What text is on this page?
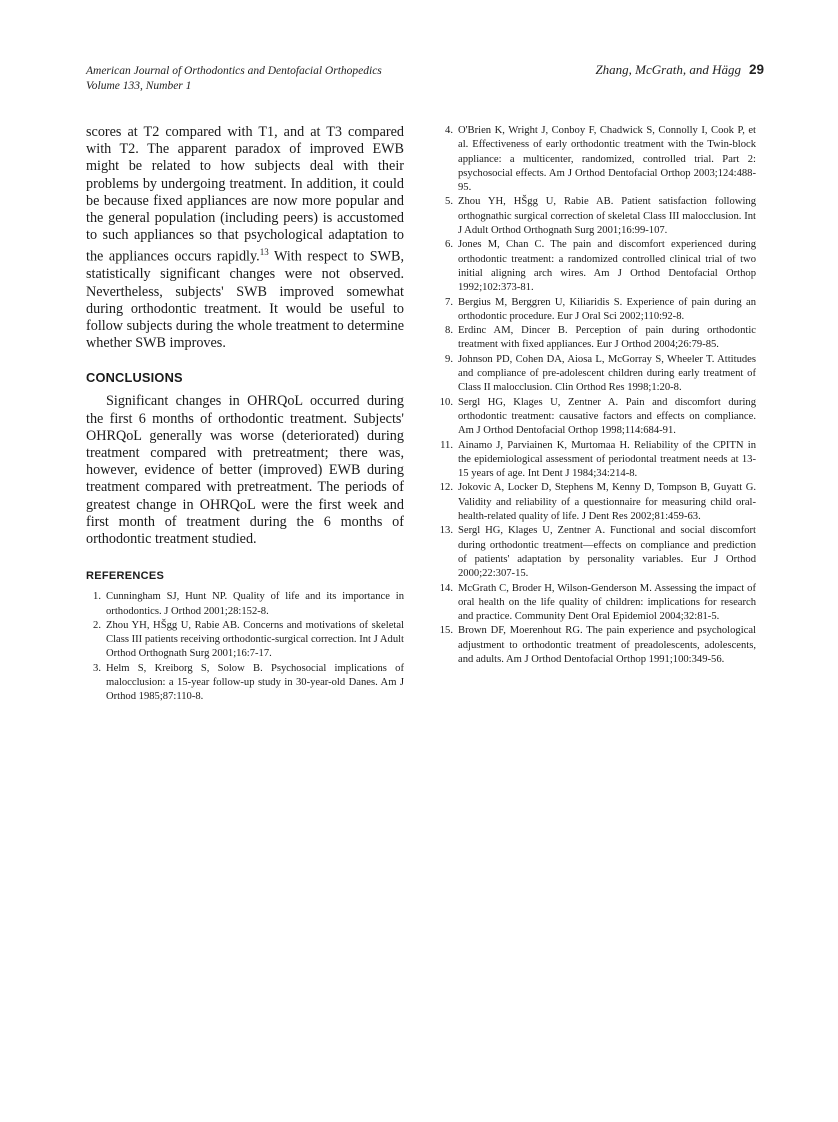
American Journal of Orthodontics and Dentofacial Orthopedics
Volume 133, Number 1
Zhang, McGrath, and Hägg 29

scores at T2 compared with T1, and at T3 compared with T2. The apparent paradox of improved EWB might be related to how subjects deal with their problems by undergoing treatment. In addition, it could be because fixed appliances are now more popular and the general population (including peers) is accustomed to such appliances so that psychological adaptation to the appliances occurs rapidly.$^{13}$ With respect to SWB, statistically significant changes were not observed. Nevertheless, subjects' SWB improved somewhat during orthodontic treatment. It would be useful to follow subjects during the whole treatment to determine whether SWB improves.

CONCLUSIONS

Significant changes in OHRQoL occurred during the first 6 months of orthodontic treatment. Subjects' OHRQoL generally was worse (deteriorated) during treatment compared with pretreatment; there was, however, evidence of better (improved) EWB during treatment compared with pretreatment. The periods of greatest change in OHRQoL were the first week and first month of treatment during the 6 months of orthodontic treatment studied.

REFERENCES
1. Cunningham SJ, Hunt NP. Quality of life and its importance in orthodontics. J Orthod 2001;28:152-8.
2. Zhou YH, HŠgg U, Rabie AB. Concerns and motivations of skeletal Class III patients receiving orthodontic-surgical correction. Int J Adult Orthod Orthognath Surg 2001;16:7-17.
3. Helm S, Kreiborg S, Solow B. Psychosocial implications of malocclusion: a 15-year follow-up study in 30-year-old Danes. Am J Orthod 1985;87:110-8.
4. O'Brien K, Wright J, Conboy F, Chadwick S, Connolly I, Cook P, et al. Effectiveness of early orthodontic treatment with the Twin-block appliance: a multicenter, randomized, controlled trial. Part 2: psychosocial effects. Am J Orthod Dentofacial Orthop 2003;124:488-95.
5. Zhou YH, HŠgg U, Rabie AB. Patient satisfaction following orthognathic surgical correction of skeletal Class III malocclusion. Int J Adult Orthod Orthognath Surg 2001;16:99-107.
6. Jones M, Chan C. The pain and discomfort experienced during orthodontic treatment: a randomized controlled clinical trial of two initial aligning arch wires. Am J Orthod Dentofacial Orthop 1992;102:373-81.
7. Bergius M, Berggren U, Kiliaridis S. Experience of pain during an orthodontic procedure. Eur J Oral Sci 2002;110:92-8.
8. Erdinc AM, Dincer B. Perception of pain during orthodontic treatment with fixed appliances. Eur J Orthod 2004;26:79-85.
9. Johnson PD, Cohen DA, Aiosa L, McGorray S, Wheeler T. Attitudes and compliance of pre-adolescent children during early treatment of Class II malocclusion. Clin Orthod Res 1998;1:20-8.
10. Sergl HG, Klages U, Zentner A. Pain and discomfort during orthodontic treatment: causative factors and effects on compliance. Am J Orthod Dentofacial Orthop 1998;114:684-91.
11. Ainamo J, Parviainen K, Murtomaa H. Reliability of the CPITN in the epidemiological assessment of periodontal treatment needs at 13-15 years of age. Int Dent J 1984;34:214-8.
12. Jokovic A, Locker D, Stephens M, Kenny D, Tompson B, Guyatt G. Validity and reliability of a questionnaire for measuring child oral-health-related quality of life. J Dent Res 2002;81:459-63.
13. Sergl HG, Klages U, Zentner A. Functional and social discomfort during orthodontic treatment—effects on compliance and prediction of patients' adaptation by personality variables. Eur J Orthod 2000;22:307-15.
14. McGrath C, Broder H, Wilson-Genderson M. Assessing the impact of oral health on the life quality of children: implications for research and practice. Community Dent Oral Epidemiol 2004;32:81-5.
15. Brown DF, Moerenhout RG. The pain experience and psychological adjustment to orthodontic treatment of preadolescents, adolescents, and adults. Am J Orthod Dentofacial Orthop 1991;100:349-56.
